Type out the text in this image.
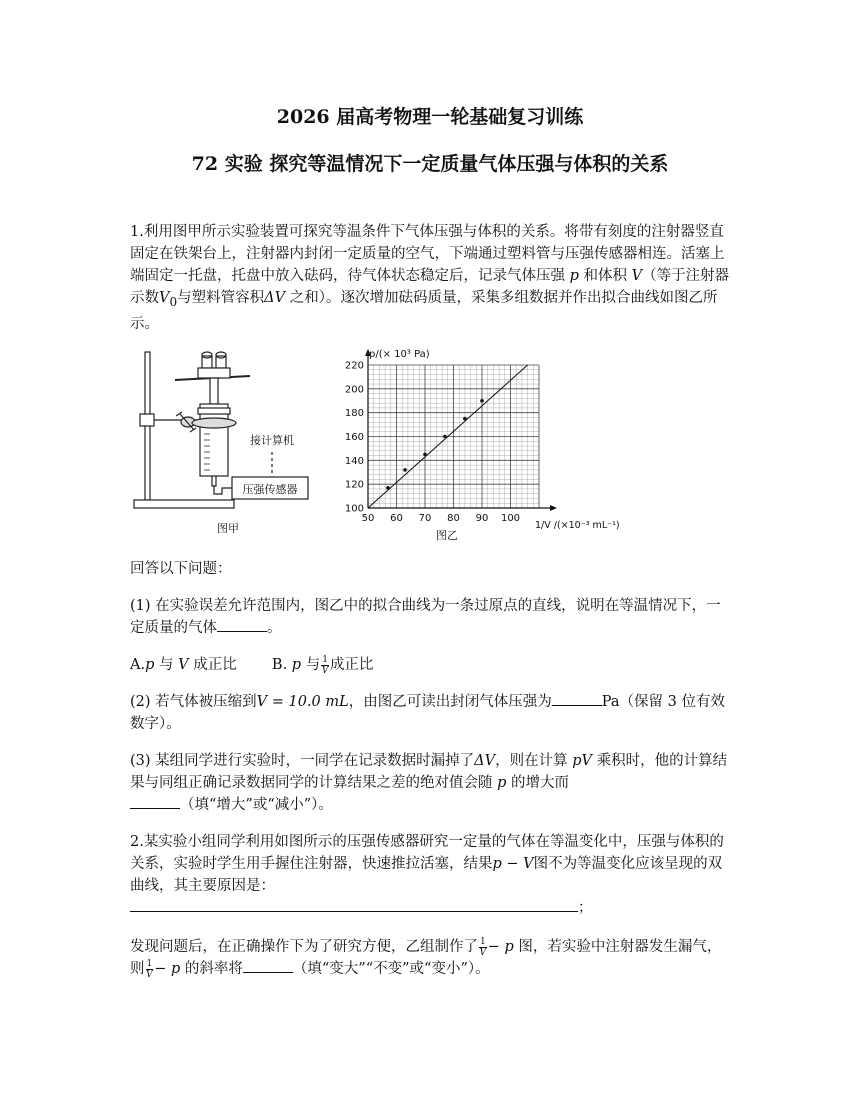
2026 届高考物理一轮基础复习训练
72 实验 探究等温情况下一定质量气体压强与体积的关系
1.利用图甲所示实验装置可探究等温条件下气体压强与体积的关系。将带有刻度的注射器竖直固定在铁架台上，注射器内封闭一定质量的空气，下端通过塑料管与压强传感器相连。活塞上端固定一托盘，托盘中放入砝码，待气体状态稳定后，记录气体压强 p 和体积 V（等于注射器示数$V_0$与塑料管容积ΔV 之和）。逐次增加砝码质量，采集多组数据并作出拟合曲线如图乙所示。
接计算机
压强传感器
图甲
50 60 70 80 90 100
100
120
140
160
180
200
220
p/(× 10³ Pa)
1/V /(×10⁻³ mL⁻¹)
图乙
回答以下问题：
(1) 在实验误差允许范围内，图乙中的拟合曲线为一条过原点的直线，说明在等温情况下，一定质量的气体	。
A.p 与 V 成正比 B. p 与 $\frac{1}{V}$ 成正比
(2) 若气体被压缩到V = 10.0 mL，由图乙可读出封闭气体压强为	Pa（保留 3 位有效数字）。
(3) 某组同学进行实验时，一同学在记录数据时漏掉了ΔV，则在计算 pV 乘积时，他的计算结果与同组正确记录数据同学的计算结果之差的绝对值会随 p 的增大而
（填“增大”或“减小”）。
2.某实验小组同学利用如图所示的压强传感器研究一定量的气体在等温变化中，压强与体积的关系，实验时学生用手握住注射器，快速推拉活塞，结果p − V图不为等温变化应该呈现的双曲线，其主要原因是：
；
发现问题后，在正确操作下为了研究方便，乙组制作了 $\frac{1}{V} - p$ 图，若实验中注射器发生漏气，则 $\frac{1}{V} - p$ 的斜率将	（填“变大”“不变”或“变小”）。
